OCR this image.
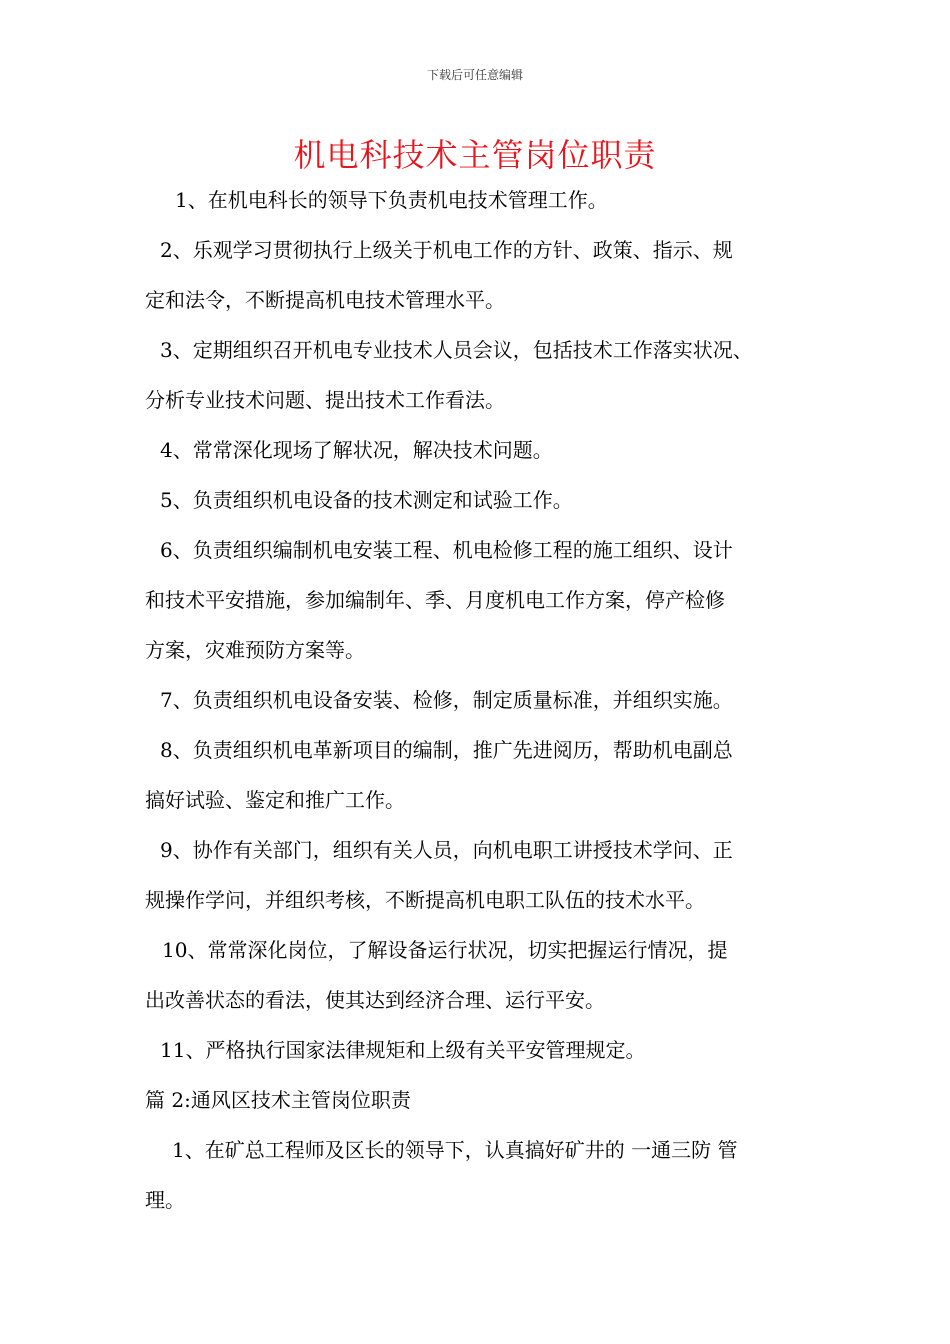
下载后可任意编辑
机电科技术主管岗位职责
1、在机电科长的领导下负责机电技术管理工作。
2、乐观学习贯彻执行上级关于机电工作的方针、政策、指示、规
定和法令，不断提高机电技术管理水平。
3、定期组织召开机电专业技术人员会议，包括技术工作落实状况、
分析专业技术问题、提出技术工作看法。
4、常常深化现场了解状况，解决技术问题。
5、负责组织机电设备的技术测定和试验工作。
6、负责组织编制机电安装工程、机电检修工程的施工组织、设计
和技术平安措施，参加编制年、季、月度机电工作方案，停产检修
方案，灾难预防方案等。
7、负责组织机电设备安装、检修，制定质量标准，并组织实施。
8、负责组织机电革新项目的编制，推广先进阅历，帮助机电副总
搞好试验、鉴定和推广工作。
9、协作有关部门，组织有关人员，向机电职工讲授技术学问、正
规操作学问，并组织考核，不断提高机电职工队伍的技术水平。
10、常常深化岗位，了解设备运行状况，切实把握运行情况，提
出改善状态的看法，使其达到经济合理、运行平安。
11、严格执行国家法律规矩和上级有关平安管理规定。
篇 2:通风区技术主管岗位职责
1、在矿总工程师及区长的领导下，认真搞好矿井的 一通三防 管
理。
